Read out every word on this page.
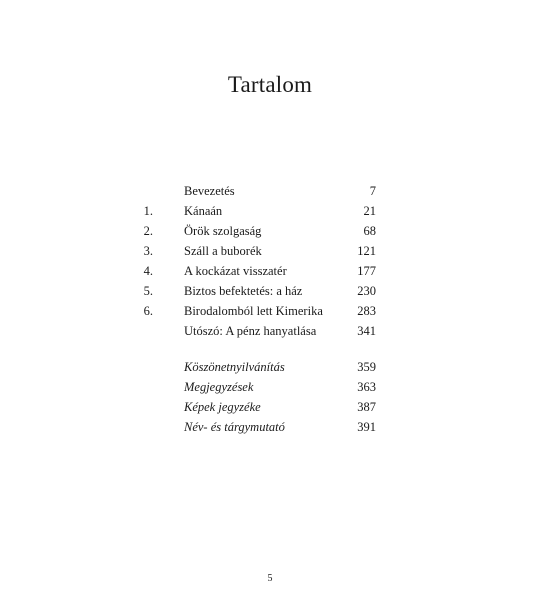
Tartalom
Bevezetés	7
1. Kánaán	21
2. Örök szolgaság	68
3. Száll a buborék	121
4. A kockázat visszatér	177
5. Biztos befektetés: a ház	230
6. Birodalomból lett Kimerika	283
Utószó: A pénz hanyatlása	341
Köszönetnyilvánítás	359
Megjegyzések	363
Képek jegyzéke	387
Név- és tárgymutató	391
5
